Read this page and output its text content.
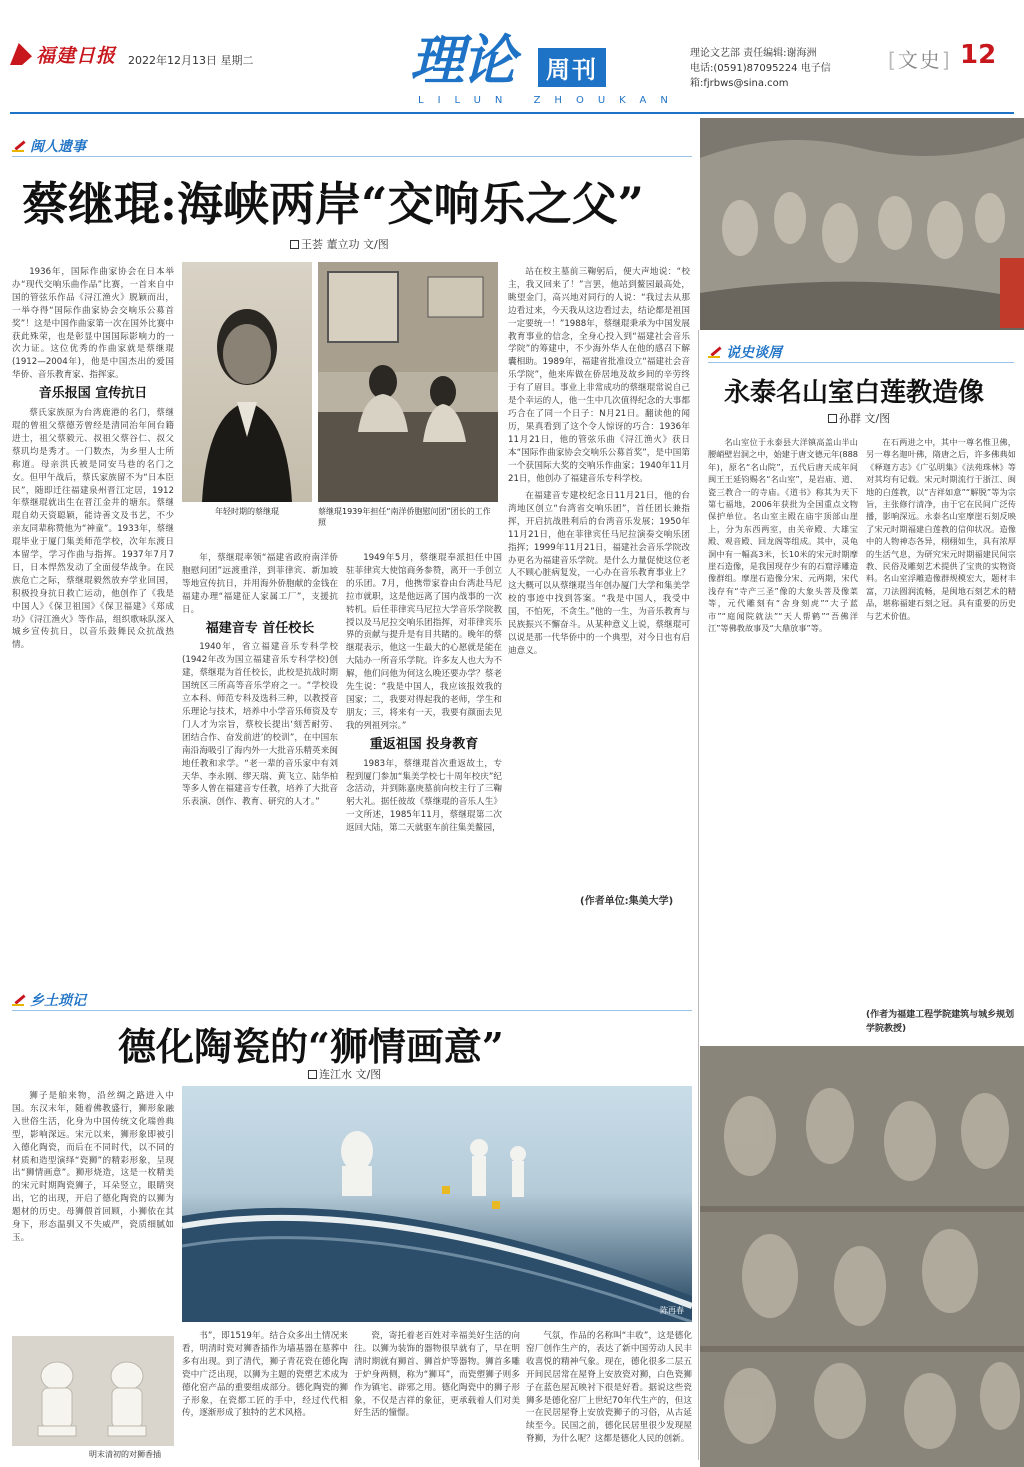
福建日报 2022年12月13日 星期二	理论	周刊
LILUN ZHOUKAN
理论文艺部 责任编辑:谢海洲
电话:(0591)87095224 电子信箱:fjrbws@sina.com
[文史] 12
闽人遗事
蔡继琨:海峡两岸“交响乐之父”
王荟 董立功 文/图
年轻时期的蔡继琨	蔡继琨1939年担任“南洋侨胞慰问团”团长的工作照

1936年，国际作曲家协会在日本举办“现代交响乐曲作品”比赛，一首来自中国的管弦乐作品《浔江渔火》脱颖而出，一举夺得“国际作曲家协会交响乐公募首奖”！这是中国作曲家第一次在国外比赛中获此殊荣，也是彰显中国国际影响力的一次力证。这位优秀的作曲家就是蔡继琨(1912—2004年)，他是中国杰出的爱国华侨、音乐教育家、指挥家。

音乐报国 宣传抗日

蔡氏家族原为台湾鹿港的名门，蔡继琨的曾祖父蔡德芳曾经是清同治年间台籍进士，祖父蔡毅元、叔祖父蔡谷仁、叔父蔡玑均是秀才。一门数杰，为乡里人士所称道。母亲洪氏被是同安马巷的名门之女。但甲午战后，蔡氏家族留不为“日本臣民”，随即迁往福建泉州晋江定居，1912年蔡继琨就出生在晋江金井的塘东。蔡继琨自幼天资聪颖，能诗善文及书艺，不少亲友同辈称赞他为“神童”。1933年，蔡继琨毕业于厦门集美师范学校，次年东渡日本留学，学习作曲与指挥。1937年7月7日，日本悍然发动了全面侵华战争。在民族危亡之际，蔡继琨毅然放弃学业回国，积极投身抗日救亡运动，他创作了《我是中国人》《保卫祖国》《保卫福建》《郑成功》《浔江渔火》等作品，组织歌咏队深入城乡宣传抗日，以音乐鼓舞民众抗战热情。

年，蔡继琨率领“福建省政府南洋侨胞慰问团”远渡重洋，到菲律宾、新加坡等地宣传抗日，并用海外侨胞献的金钱在福建办理“福建征人家属工厂”，支援抗日。

福建音专 首任校长

1940年，省立福建音乐专科学校(1942年改为国立福建音乐专科学校)创建，蔡继琨为首任校长，此校是抗战时期国统区三所高等音乐学府之一。“学校设立本科、师范专科及选科三种，以教授音乐理论与技术，培养中小学音乐师资及专门人才为宗旨，蔡校长提出‘刻苦耐劳、团结合作、奋发前进’的校训”，在中国东南沿海吸引了海内外一大批音乐精英来闽地任教和求学。“老一辈的音乐家中有刘天华、李永刚、缪天瑞、黄飞立、陆华柏等多人曾在福建音专任教，培养了大批音乐表演、创作、教育、研究的人才。”

1949年5月，蔡继琨奉派担任中国驻菲律宾大使馆商务参赞，离开一手创立的乐团。7月，他携带家眷由台湾赴马尼拉市就职，这是他远离了国内战事的一次转机。后任菲律宾马尼拉大学音乐学院教授以及马尼拉交响乐团指挥，对菲律宾乐界的贡献与提升是有目共睹的。晚年的蔡继琨表示，他这一生最大的心愿就是能在大陆办一所音乐学院。许多友人也大为不解，他们问他为何这么晚还要办学？蔡老先生说：“我是中国人，我应该报效我的国家；二，我要对得起我的老师，学生和朋友；三，将来有一天，我要有颜面去见我的列祖列宗。”

重返祖国 投身教育

1983年，蔡继琨首次重返故土，专程到厦门参加“集美学校七十周年校庆”纪念活动，并到陈嘉庚墓前向校主行了三鞠躬大礼。据任彼故《蔡继琨的音乐人生》一文所述，1985年11月，蔡继琨第二次返回大陆，第二天就驱车前往集美鳌园，

站在校主墓前三鞠躬后，便大声地说：“校主，我又回来了！”言罢，他站到鳌园最高处，眺望金门，高兴地对同行的人说：“我过去从那边看过来，今天我从这边看过去，结论都是祖国一定要统一！”1988年，蔡继琨秉承为中国发展教育事业的信念，全身心投入到“福建社会音乐学院”的筹建中，不少海外华人在他的感召下解囊相助。1989年，福建省批准设立“福建社会音乐学院”，他来库做在侨居地及故乡间的辛劳终于有了眉目。事业上非常成功的蔡继琨常说自己是个幸运的人，他一生中几次值得纪念的大事都巧合在了同一个日子：N月21日。翻读他的闻历，果真看到了这个令人惊讶的巧合：1936年11月21日，他的管弦乐曲《浔江渔火》获日本“国际作曲家协会交响乐公募首奖”，是中国第一个获国际大奖的交响乐作曲家；1940年11月21日，他创办了福建音乐专科学校。

在福建音专建校纪念日11月21日，他的台湾地区创立“台湾省交响乐团”，首任团长兼指挥，开启抗战胜利后的台湾音乐发展；1950年11月21日，他在菲律宾任马尼拉演奏交响乐团指挥；1999年11月21日，福建社会音乐学院改办更名为福建音乐学院。是什么力量促使这位老人不顾心脏病复发，一心办在音乐教育事业上？这大概可以从蔡继琨当年创办厦门大学和集美学校的事迹中找到答案。“我是中国人，我受中国，不怕死，不贪生。”他的一生，为音乐教育与民族振兴不懈奋斗。从某种意义上说，蔡继琨可以说是那一代华侨中的一个典型，对今日也有启迪意义。

(作者单位:集美大学)
说史谈屑
永泰名山室白莲教造像
孙群 文/图

名山室位于永泰县大洋镇高盖山半山腰峭壁岩洞之中，始建于唐文德元年(888年)，原名“名山院”，五代后唐天成年间闽王王延钧赐名“名山室”，是岩庙、道、瓷三教合一的寺庙。《道书》称其为天下第七福地，2006年获批为全国重点文物保护单位。名山室主殿在庙宇顶部山崖上，分为东西两室，由关帝殿、大雄宝殿、观音殿、回龙阁等组成。其中，灵龟洞中有一幅高3米，长10米的宋元时期摩崖石造像，是我国现存少有的石窟浮雕造像群组。摩崖石造像分宋、元两期，宋代浅存有“寺产三圣”像的大象头菩及像菜等，元代雕刻有“舍身刻虎”“大子蓝市”“庭闻院就法”“天人帮鹤”“吾佛洋江”等佛教故事及“大鼎放事”等。

在石两进之中，其中一尊名惟卫佛，另一尊名迦叶佛，隋唐之后，许多佛典如《释迦方志》《广弘明集》《法苑珠林》等对其均有记载。宋元时期流行于浙江、闽地的白莲教，以“吉祥如意”“解脱”等为宗旨，主张修行清净，由于它在民间广泛传播，影响深远。永泰名山室摩崖石刻反映了宋元时期福建白莲教的信仰状况。造像中的人物神态各异，栩栩如生，具有浓厚的生活气息，为研究宋元时期福建民间宗教、民俗及雕刻艺术提供了宝贵的实物资料。名山室浮雕造像群规模宏大，题材丰富，刀法圆润流畅，是闽地石刻艺术的精品，堪称福建石刻之冠。具有重要的历史与艺术价值。

(作者为福建工程学院建筑与城乡规划学院教授)
乡土琐记
德化陶瓷的“狮情画意”
连江水 文/图

狮子是舶来物，沿丝绸之路进入中国。东汉末年，随着佛教盛行，狮形象融入世俗生活，化身为中国传统文化瑞兽典型，影响深远。宋元以来，狮形象即被引入德化陶瓷，而后在不同时代，以不同的材质和造型演绎“瓷狮”的精彩形象，呈现出“狮情画意”。狮形烧造，这是一枚精美的宋元时期陶瓷狮子，耳朵竖立，眼睛突出，它的出现，开启了德化陶瓷的以狮为题材的历史。母狮偎首回顾，小狮依在其身下，形态温驯又不失威严，瓷质细腻如玉。

陈再春
明末清初的对狮香插

书”，即1519年。结合众多出土情况来看，明清时瓷对狮香插作为墙基器在墓葬中多有出现。到了清代，狮子青花瓷在德化陶瓷中广泛出现，以狮为主题的瓷塑艺术成为德化窑产品的重要组成部分。德化陶瓷的狮子形象，在瓷都工匠的手中，经过代代相传，逐渐形成了独特的艺术风格。

瓷，寄托着老百姓对幸福美好生活的向往。以狮为装饰的器物很早就有了，早在明清时期就有狮首、狮首炉等器物。狮首多雕于炉身两侧，称为“狮耳”，而瓷塑狮子则多作为镇宅、辟邪之用。德化陶瓷中的狮子形象，不仅是吉祥的象征，更承载着人们对美好生活的憧憬。

气氛，作品的名称叫“丰收”，这是德化窑厂创作生产的，表达了新中国劳动人民丰收喜悦的精神气象。现在，德化很多二层五开间民居常在屋脊上安放瓷对狮，白色瓷狮子在蓝色屋瓦映衬下很是好看。据说这些瓷狮多是德化窑厂上世纪70年代生产的，但这一在民居屋脊上安放瓷狮子的习俗，从古延续至今。民国之前，德化民居里很少发现屋脊狮，为什么呢？这都是德化人民的创新。
